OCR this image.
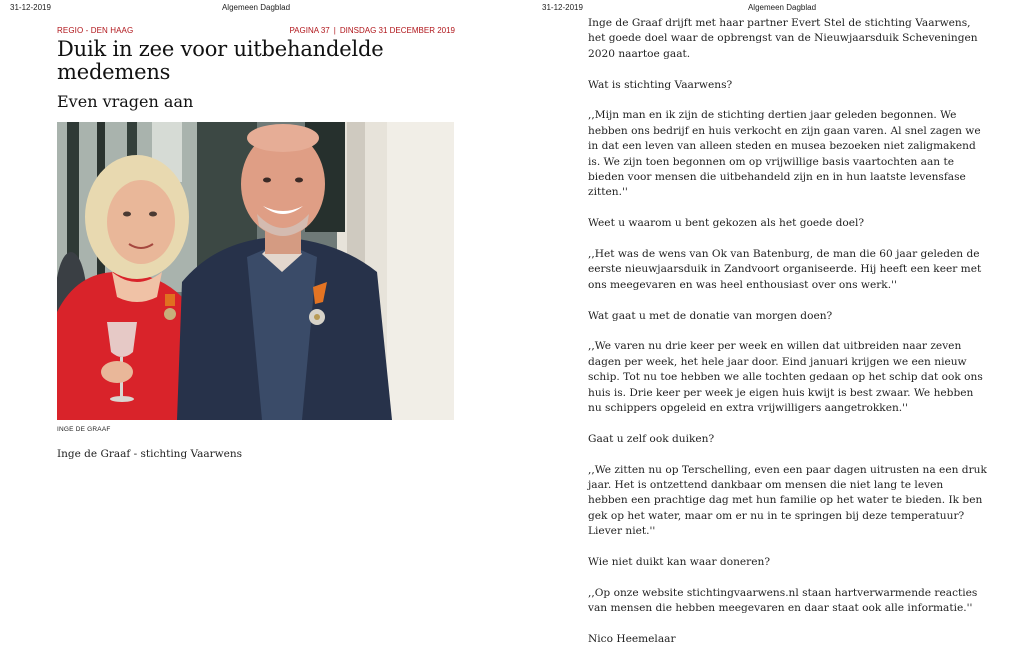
31-12-2019	Algemeen Dagblad
REGIO - DEN HAAG	PAGINA 37 | DINSDAG 31 DECEMBER 2019
Duik in zee voor uitbehandelde medemens
Even vragen aan
INGE DE GRAAF
Inge de Graaf - stichting Vaarwens
31-12-2019	Algemeen Dagblad

Inge de Graaf drijft met haar partner Evert Stel de stichting Vaarwens,
het goede doel waar de opbrengst van de Nieuwjaarsduik Scheveningen
2020 naartoe gaat.

Wat is stichting Vaarwens?

,,Mijn man en ik zijn de stichting dertien jaar geleden begonnen. We
hebben ons bedrijf en huis verkocht en zijn gaan varen. Al snel zagen we
in dat een leven van alleen steden en musea bezoeken niet zaligmakend
is. We zijn toen begonnen om op vrijwillige basis vaartochten aan te
bieden voor mensen die uitbehandeld zijn en in hun laatste levensfase
zitten.''

Weet u waarom u bent gekozen als het goede doel?

,,Het was de wens van Ok van Batenburg, de man die 60 jaar geleden de
eerste nieuwjaarsduik in Zandvoort organiseerde. Hij heeft een keer met
ons meegevaren en was heel enthousiast over ons werk.''

Wat gaat u met de donatie van morgen doen?

,,We varen nu drie keer per week en willen dat uitbreiden naar zeven
dagen per week, het hele jaar door. Eind januari krijgen we een nieuw
schip. Tot nu toe hebben we alle tochten gedaan op het schip dat ook ons
huis is. Drie keer per week je eigen huis kwijt is best zwaar. We hebben
nu schippers opgeleid en extra vrijwilligers aangetrokken.''

Gaat u zelf ook duiken?

,,We zitten nu op Terschelling, even een paar dagen uitrusten na een druk
jaar. Het is ontzettend dankbaar om mensen die niet lang te leven
hebben een prachtige dag met hun familie op het water te bieden. Ik ben
gek op het water, maar om er nu in te springen bij deze temperatuur?
Liever niet.''

Wie niet duikt kan waar doneren?

,,Op onze website stichtingvaarwens.nl staan hartverwarmende reacties
van mensen die hebben meegevaren en daar staat ook alle informatie.''

Nico Heemelaar
